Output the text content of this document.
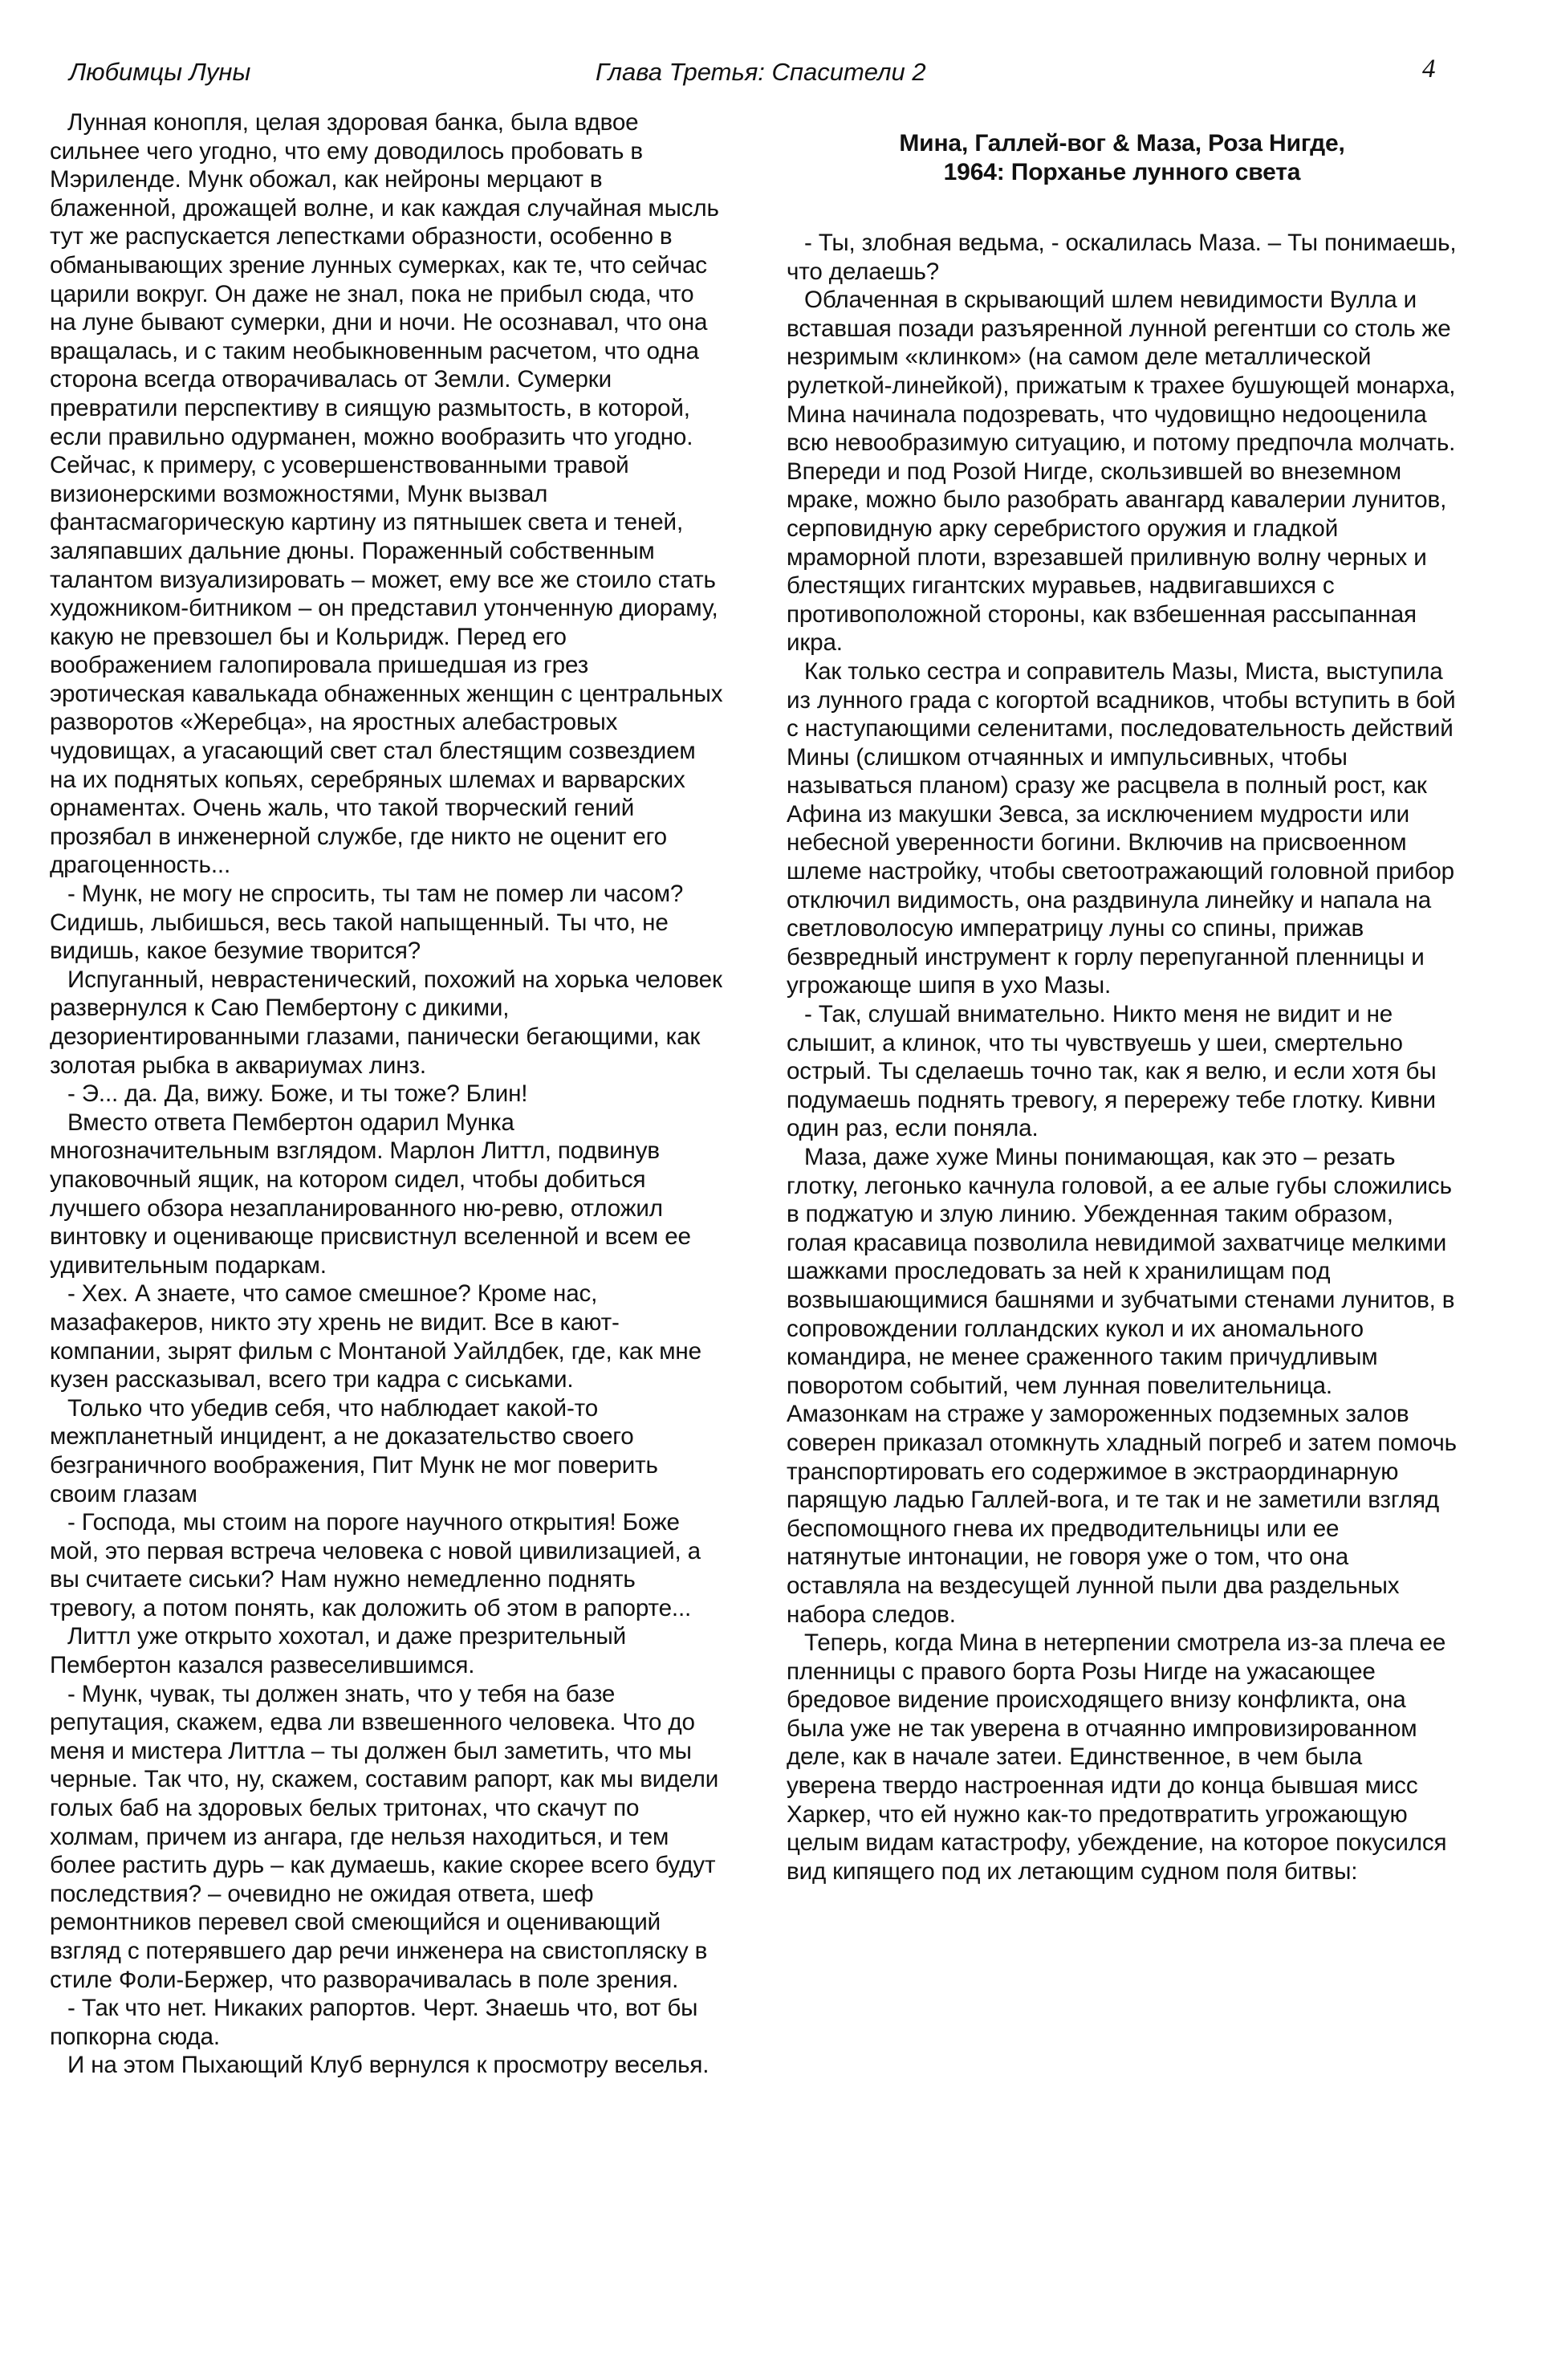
Любимцы Луны	Глава Третья: Спасители 2	4

Лунная конопля, целая здоровая банка, была вдвое сильнее чего угодно, что ему доводилось пробовать в Мэриленде. Мунк обожал, как нейроны мерцают в блаженной, дрожащей волне, и как каждая случайная мысль тут же распускается лепестками образности, особенно в обманывающих зрение лунных сумерках, как те, что сейчас царили вокруг. Он даже не знал, пока не прибыл сюда, что на луне бывают сумерки, дни и ночи. Не осознавал, что она вращалась, и с таким необыкновенным расчетом, что одна сторона всегда отворачивалась от Земли. Сумерки превратили перспективу в сиящую размытость, в которой, если правильно одурманен, можно вообразить что угодно. Сейчас, к примеру, с усовершенствованными травой визионерскими возможностями, Мунк вызвал фантасмагорическую картину из пятнышек света и теней, заляпавших дальние дюны. Пораженный собственным талантом визуализировать – может, ему все же стоило стать художником-битником – он представил утонченную диораму, какую не превзошел бы и Кольридж. Перед его воображением галопировала пришедшая из грез эротическая кавалькада обнаженных женщин с центральных разворотов «Жеребца», на яростных алебастровых чудовищах, а угасающий свет стал блестящим созвездием на их поднятых копьях, серебряных шлемах и варварских орнаментах. Очень жаль, что такой творческий гений прозябал в инженерной службе, где никто не оценит его драгоценность...

- Мунк, не могу не спросить, ты там не помер ли часом? Сидишь, лыбишься, весь такой напыщенный. Ты что, не видишь, какое безумие творится?

Испуганный, неврастенический, похожий на хорька человек развернулся к Саю Пембертону с дикими, дезориентированными глазами, панически бегающими, как золотая рыбка в аквариумах линз.

- Э... да. Да, вижу. Боже, и ты тоже? Блин!

Вместо ответа Пембертон одарил Мунка многозначительным взглядом. Марлон Литтл, подвинув упаковочный ящик, на котором сидел, чтобы добиться лучшего обзора незапланированного ню-ревю, отложил винтовку и оценивающе присвистнул вселенной и всем ее удивительным подаркам.

- Хех. А знаете, что самое смешное? Кроме нас, мазафакеров, никто эту хрень не видит. Все в кают-компании, зырят фильм с Монтаной Уайлдбек, где, как мне кузен рассказывал, всего три кадра с сиськами.

Только что убедив себя, что наблюдает какой-то межпланетный инцидент, а не доказательство своего безграничного воображения, Пит Мунк не мог поверить своим глазам

- Господа, мы стоим на пороге научного открытия! Боже мой, это первая встреча человека с новой цивилизацией, а вы считаете сиськи? Нам нужно немедленно поднять тревогу, а потом понять, как доложить об этом в рапорте...

Литтл уже открыто хохотал, и даже презрительный Пембертон казался развеселившимся.

- Мунк, чувак, ты должен знать, что у тебя на базе репутация, скажем, едва ли взвешенного человека. Что до меня и мистера Литтла – ты должен был заметить, что мы черные. Так что, ну, скажем, составим рапорт, как мы видели голых баб на здоровых белых тритонах, что скачут по холмам, причем из ангара, где нельзя находиться, и тем более растить дурь – как думаешь, какие скорее всего будут последствия? – очевидно не ожидая ответа, шеф ремонтников перевел свой смеющийся и оценивающий взгляд с потерявшего дар речи инженера на свистопляску в стиле Фоли-Бержер, что разворачивалась в поле зрения.

- Так что нет. Никаких рапортов. Черт. Знаешь что, вот бы попкорна сюда.

И на этом Пыхающий Клуб вернулся к просмотру веселья.

Мина, Галлей-вог & Маза, Роза Нигде,
1964: Порханье лунного света

- Ты, злобная ведьма, - оскалилась Маза. – Ты понимаешь, что делаешь?

Облаченная в скрывающий шлем невидимости Вулла и вставшая позади разъяренной лунной регентши со столь же незримым «клинком» (на самом деле металлической рулеткой-линейкой), прижатым к трахее бушующей монарха, Мина начинала подозревать, что чудовищно недооценила всю невообразимую ситуацию, и потому предпочла молчать. Впереди и под Розой Нигде, скользившей во внеземном мраке, можно было разобрать авангард кавалерии лунитов, серповидную арку серебристого оружия и гладкой мраморной плоти, взрезавшей приливную волну черных и блестящих гигантских муравьев, надвигавшихся с противоположной стороны, как взбешенная рассыпанная икра.

Как только сестра и соправитель Мазы, Миста, выступила из лунного града с когортой всадников, чтобы вступить в бой с наступающими селенитами, последовательность действий Мины (слишком отчаянных и импульсивных, чтобы называться планом) сразу же расцвела в полный рост, как Афина из макушки Зевса, за исключением мудрости или небесной уверенности богини. Включив на присвоенном шлеме настройку, чтобы светоотражающий головной прибор отключил видимость, она раздвинула линейку и напала на светловолосую императрицу луны со спины, прижав безвредный инструмент к горлу перепуганной пленницы и угрожающе шипя в ухо Мазы.

- Так, слушай внимательно. Никто меня не видит и не слышит, а клинок, что ты чувствуешь у шеи, смертельно острый. Ты сделаешь точно так, как я велю, и если хотя бы подумаешь поднять тревогу, я перережу тебе глотку. Кивни один раз, если поняла.

Маза, даже хуже Мины понимающая, как это – резать глотку, легонько качнула головой, а ее алые губы сложились в поджатую и злую линию. Убежденная таким образом, голая красавица позволила невидимой захватчице мелкими шажками проследовать за ней к хранилищам под возвышающимися башнями и зубчатыми стенами лунитов, в сопровождении голландских кукол и их аномального командира, не менее сраженного таким причудливым поворотом событий, чем лунная повелительница. Амазонкам на страже у замороженных подземных залов соверен приказал отомкнуть хладный погреб и затем помочь транспортировать его содержимое в экстраординарную парящую ладью Галлей-вога, и те так и не заметили взгляд беспомощного гнева их предводительницы или ее натянутые интонации, не говоря уже о том, что она оставляла на вездесущей лунной пыли два раздельных набора следов.

Теперь, когда Мина в нетерпении смотрела из-за плеча ее пленницы с правого борта Розы Нигде на ужасающее бредовое видение происходящего внизу конфликта, она была уже не так уверена в отчаянно импровизированном деле, как в начале затеи. Единственное, в чем была уверена твердо настроенная идти до конца бывшая мисс Харкер, что ей нужно как-то предотвратить угрожающую целым видам катастрофу, убеждение, на которое покусился вид кипящего под их летающим судном поля битвы:
